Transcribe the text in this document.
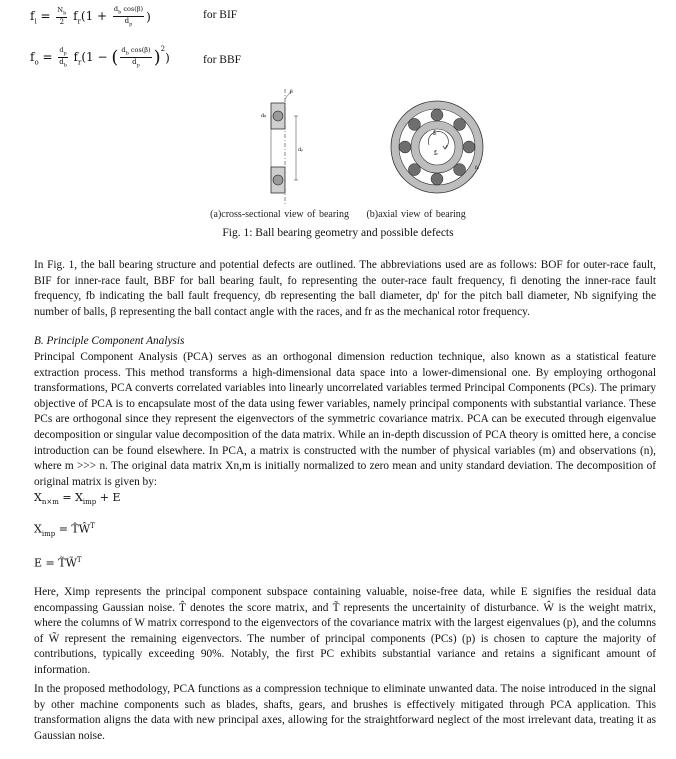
$f_i = \frac{N_b}{2} f_r(1 + \frac{d_b \cos(\beta)}{d_p}$ )	for BIF
$f_o = \frac{d_p}{d_b} f_r(1$ − ( $\frac{d_b \cos(\beta)}{d_p} )^2$
)	for BBF
dₚ
dᵦ
β
fᵢ
fᵣ
fᵦ
(a)cross-sectional view of bearing (b)axial view of bearing
Fig. 1: Ball bearing geometry and possible defects

In Fig. 1, the ball bearing structure and potential defects are outlined. The abbreviations used are as follows: BOF for outer-race fault, BIF for inner-race fault, BBF for ball bearing fault, fo representing the outer-race fault frequency, fi denoting the inner-race fault frequency, fb indicating the ball fault frequency, db representing the ball diameter, dp' for the pitch ball diameter, Nb signifying the number of balls, β representing the ball contact angle with the races, and fr as the mechanical rotor frequency.

B. Principle Component Analysis

Principal Component Analysis (PCA) serves as an orthogonal dimension reduction technique, also known as a statistical feature extraction process. This method transforms a high-dimensional data space into a lower-dimensional one. By employing orthogonal transformations, PCA converts correlated variables into linearly uncorrelated variables termed Principal Components (PCs). The primary objective of PCA is to encapsulate most of the data using fewer variables, namely principal components with substantial variance. These PCs are orthogonal since they represent the eigenvectors of the symmetric covariance matrix. PCA can be executed through eigenvalue decomposition or singular value decomposition of the data matrix. While an in-depth discussion of PCA theory is omitted here, a concise introduction can be found elsewhere. In PCA, a matrix is constructed with the number of physical variables (m) and observations (n), where m >>> n. The original data matrix Xn,m is initially normalized to zero mean and unity standard deviation. The decomposition of original matrix is given by:

$X_{n\times m} = X_{imp} + E$
$X_{imp}$ = $T̂Ŵ^T$
E = T̃W̃$^T$

Here, Ximp represents the principal component subspace containing valuable, noise-free data, while E signifies the residual data encompassing Gaussian noise. T̂ denotes the score matrix, and T̃ represents the uncertainity of disturbance. Ŵ is the weight matrix, where the columns of W matrix correspond to the eigenvectors of the covariance matrix with the largest eigenvalues (p), and the columns of W̃ represent the remaining eigenvectors. The number of principal components (PCs) (p) is chosen to capture the majority of contributions, typically exceeding 90%. Notably, the first PC exhibits substantial variance and retains a significant amount of information.

In the proposed methodology, PCA functions as a compression technique to eliminate unwanted data. The noise introduced in the signal by other machine components such as blades, shafts, gears, and brushes is effectively mitigated through PCA application. This transformation aligns the data with new principal axes, allowing for the straightforward neglect of the most irrelevant data, treating it as Gaussian noise.
